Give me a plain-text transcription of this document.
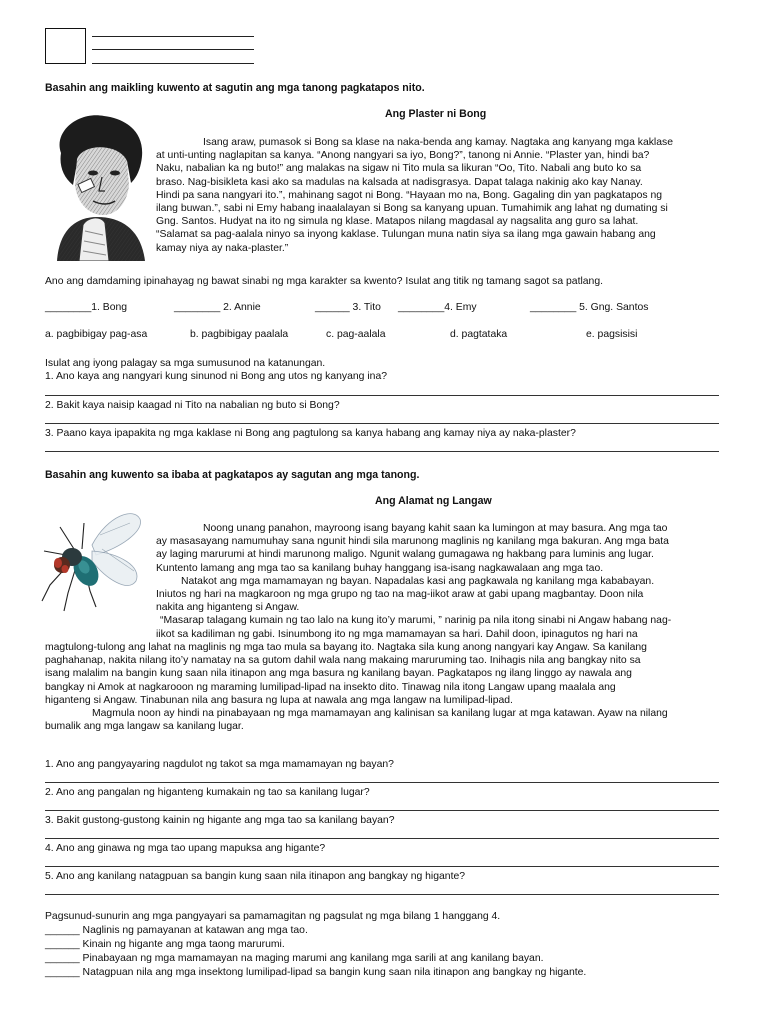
Basahin ang maikling kuwento at sagutin ang mga tanong pagkatapos nito.
Ang Plaster ni Bong

Isang araw, pumasok si Bong sa klase na naka-benda ang kamay. Nagtaka ang kanyang mga kaklase

at unti-unting naglapitan sa kanya. “Anong nangyari sa iyo, Bong?”, tanong ni Annie. “Plaster yan, hindi ba?

Naku, nabalian ka ng buto!” ang malakas na sigaw ni Tito mula sa likuran “Oo, Tito. Nabali ang buto ko sa

braso. Nag-bisikleta kasi ako sa madulas na kalsada at nadisgrasya. Dapat talaga nakinig ako kay Nanay.

Hindi pa sana nangyari ito.”, mahinang sagot ni Bong. “Hayaan mo na, Bong. Gagaling din yan pagkatapos ng

ilang buwan.”, sabi ni Emy habang inaalalayan si Bong sa kanyang upuan. Tumahimik ang lahat ng dumating si

Gng. Santos. Hudyat na ito ng simula ng klase. Matapos nilang magdasal ay nagsalita ang guro sa lahat.

“Salamat sa pag-aalala ninyo sa inyong kaklase. Tulungan muna natin siya sa ilang mga gawain habang ang

kamay niya ay naka-plaster.”

Ano ang damdaming ipinahayag ng bawat sinabi ng mga karakter sa kwento? Isulat ang titik ng tamang sagot sa patlang.
________1. Bong	________ 2. Annie	______ 3. Tito ________4. Emy	________ 5. Gng. Santos
a. pagbibigay pag-asa	b. pagbibigay paalala	c. pag-aalala	d. pagtataka	e. pagsisisi
Isulat ang iyong palagay sa mga sumusunod na katanungan.
1. Ano kaya ang nangyari kung sinunod ni Bong ang utos ng kanyang ina?
2. Bakit kaya naisip kaagad ni Tito na nabalian ng buto si Bong?
3. Paano kaya ipapakita ng mga kaklase ni Bong ang pagtulong sa kanya habang ang kamay niya ay naka-plaster?
Basahin ang kuwento sa ibaba at pagkatapos ay sagutan ang mga tanong.
Ang Alamat ng Langaw

Noong unang panahon, mayroong isang bayang kahit saan ka lumingon at may basura. Ang mga tao

ay masasayang namumuhay sana ngunit hindi sila marunong maglinis ng kanilang mga bakuran. Ang mga bata

ay laging marurumi at hindi marunong maligo. Ngunit walang gumagawa ng hakbang para luminis ang lugar.

Kuntento lamang ang mga tao sa kanilang buhay hanggang isa-isang nagkawalaan ang mga tao.

Natakot ang mga mamamayan ng bayan. Napadalas kasi ang pagkawala ng kanilang mga kababayan.

Iniutos ng hari na magkaroon ng mga grupo ng tao na mag-iikot araw at gabi upang magbantay. Doon nila

nakita ang higanteng si Angaw.

“Masarap talagang kumain ng tao lalo na kung ito’y marumi, ” narinig pa nila itong sinabi ni Angaw habang nag-

iikot sa kadiliman ng gabi. Isinumbong ito ng mga mamamayan sa hari. Dahil doon, ipinagutos ng hari na

magtulong-tulong ang lahat na maglinis ng mga tao mula sa bayang ito. Nagtaka sila kung anong nangyari kay Angaw. Sa kanilang

paghahanap, nakita nilang ito’y namatay na sa gutom dahil wala nang makaing maruruming tao. Inihagis nila ang bangkay nito sa

isang malalim na bangin kung saan nila itinapon ang mga basura ng kanilang bayan. Pagkatapos ng ilang linggo ay nawala ang

bangkay ni Amok at nagkarooon ng maraming lumilipad-lipad na insekto dito. Tinawag nila itong Langaw upang maalala ang

higanteng si Angaw. Tinabunan nila ang basura ng lupa at nawala ang mga langaw na lumilipad-lipad.

Magmula noon ay hindi na pinabayaan ng mga mamamayan ang kalinisan sa kanilang lugar at mga katawan. Ayaw na nilang

bumalik ang mga langaw sa kanilang lugar.

1. Ano ang pangyayaring nagdulot ng takot sa mga mamamayan ng bayan?
2. Ano ang pangalan ng higanteng kumakain ng tao sa kanilang lugar?
3. Bakit gustong-gustong kainin ng higante ang mga tao sa kanilang bayan?
4. Ano ang ginawa ng mga tao upang mapuksa ang higante?
5. Ano ang kanilang natagpuan sa bangin kung saan nila itinapon ang bangkay ng higante?
Pagsunud-sunurin ang mga pangyayari sa pamamagitan ng pagsulat ng mga bilang 1 hanggang 4.
______ Naglinis ng pamayanan at katawan ang mga tao.
______ Kinain ng higante ang mga taong marurumi.
______ Pinabayaan ng mga mamamayan na maging marumi ang kanilang mga sarili at ang kanilang bayan.
______ Natagpuan nila ang mga insektong lumilipad-lipad sa bangin kung saan nila itinapon ang bangkay ng higante.
